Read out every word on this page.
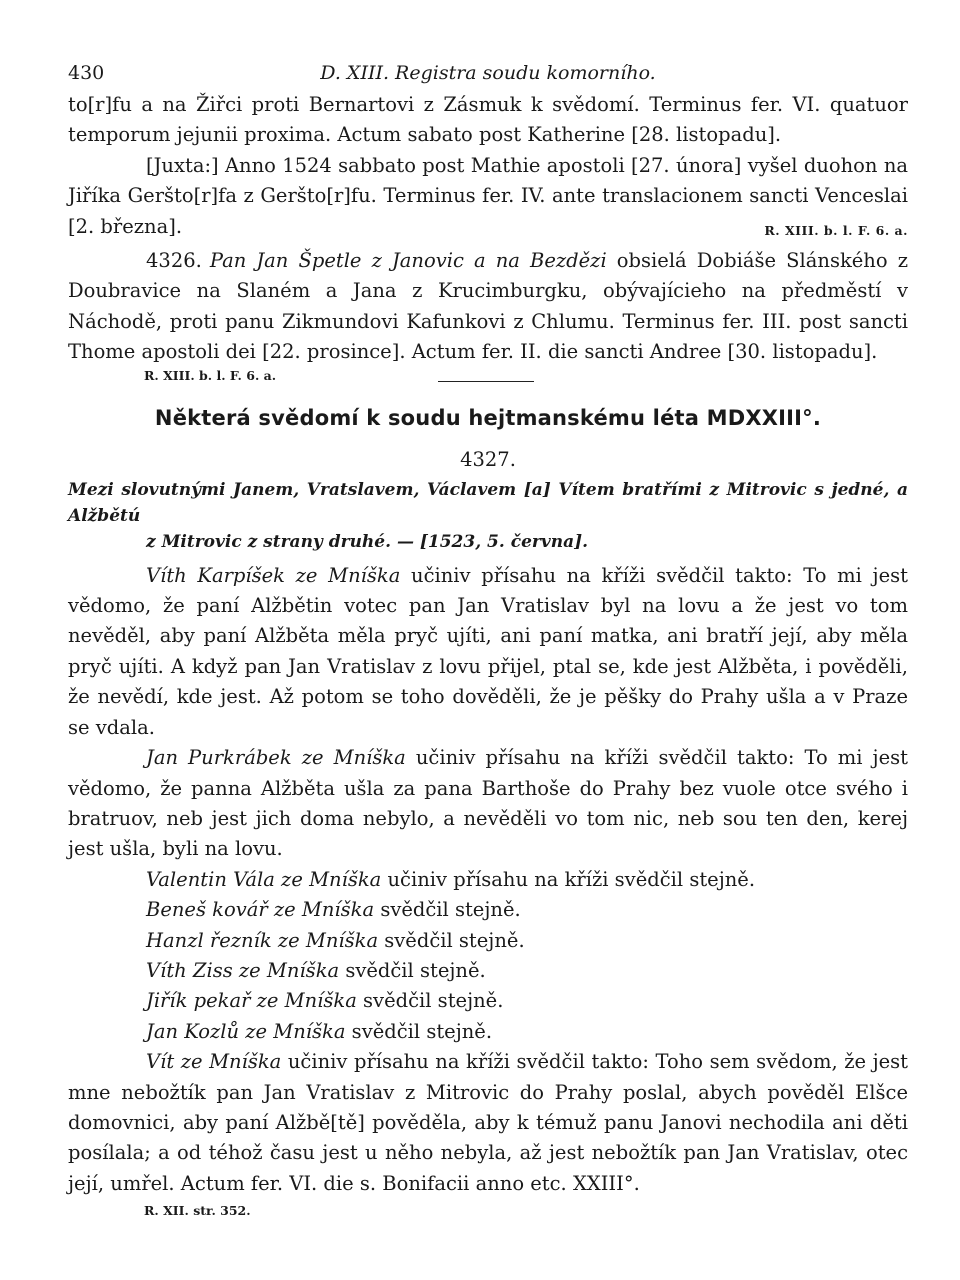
430	D. XIII. Registra soudu komorního.

to[r]fu a na Žiřci proti Bernartovi z Zásmuk k svědomí. Terminus fer. VI. quatuor temporum jejunii proxima. Actum sabato post Katherine [28. listopadu].

[Juxta:] Anno 1524 sabbato post Mathie apostoli [27. února] vyšel duohon na Jiříka Geršto[r]fa z Geršto[r]fu. Terminus fer. IV. ante translacionem sancti Venceslai [2. března].	R. XIII. b. l. F. 6. a.

4326. Pan Jan Špetle z Janovic a na Bezdězi obsielá Dobiáše Slánského z Doubravice na Slaném a Jana z Krucimburgku, obývajícieho na předměstí v Náchodě, proti panu Zikmundovi Kafunkovi z Chlumu. Terminus fer. III. post sancti Thome apostoli dei [22. prosince]. Actum fer. II. die sancti Andree [30. listopadu].

R. XIII. b. l. F. 6. a.
Některá svědomí k soudu hejtmanskému léta MDXXIII°.
4327.
Mezi slovutnými Janem, Vratslavem, Václavem [a] Vítem bratřími z Mitrovic s jedné, a Alžbětú
z Mitrovic z strany druhé. — [1523, 5. června].

Víth Karpíšek ze Mníška učiniv přísahu na kříži svědčil takto: To mi jest vědomo, že paní Alžbětin votec pan Jan Vratislav byl na lovu a že jest vo tom nevěděl, aby paní Alžběta měla pryč ujíti, ani paní matka, ani bratří její, aby měla pryč ujíti. A když pan Jan Vratislav z lovu přijel, ptal se, kde jest Alžběta, i pověděli, že nevědí, kde jest. Až potom se toho dověděli, že je pěšky do Prahy ušla a v Praze se vdala.

Jan Purkrábek ze Mníška učiniv přísahu na kříži svědčil takto: To mi jest vědomo, že panna Alžběta ušla za pana Barthoše do Prahy bez vuole otce svého i bratruov, neb jest jich doma nebylo, a nevěděli vo tom nic, neb sou ten den, kerej jest ušla, byli na lovu.

Valentin Vála ze Mníška učiniv přísahu na kříži svědčil stejně.

Beneš kovář ze Mníška svědčil stejně.

Hanzl řezník ze Mníška svědčil stejně.

Víth Ziss ze Mníška svědčil stejně.

Jiřík pekař ze Mníška svědčil stejně.

Jan Kozlů ze Mníška svědčil stejně.

Vít ze Mníška učiniv přísahu na kříži svědčil takto: Toho sem svědom, že jest mne nebožtík pan Jan Vratislav z Mitrovic do Prahy poslal, abych pověděl Elšce domovnici, aby paní Alžbě[tě] pověděla, aby k témuž panu Janovi nechodila ani děti posílala; a od téhož času jest u něho nebyla, až jest nebožtík pan Jan Vratislav, otec její, umřel. Actum fer. VI. die s. Bonifacii anno etc. XXIII°.

R. XII. str. 352.
